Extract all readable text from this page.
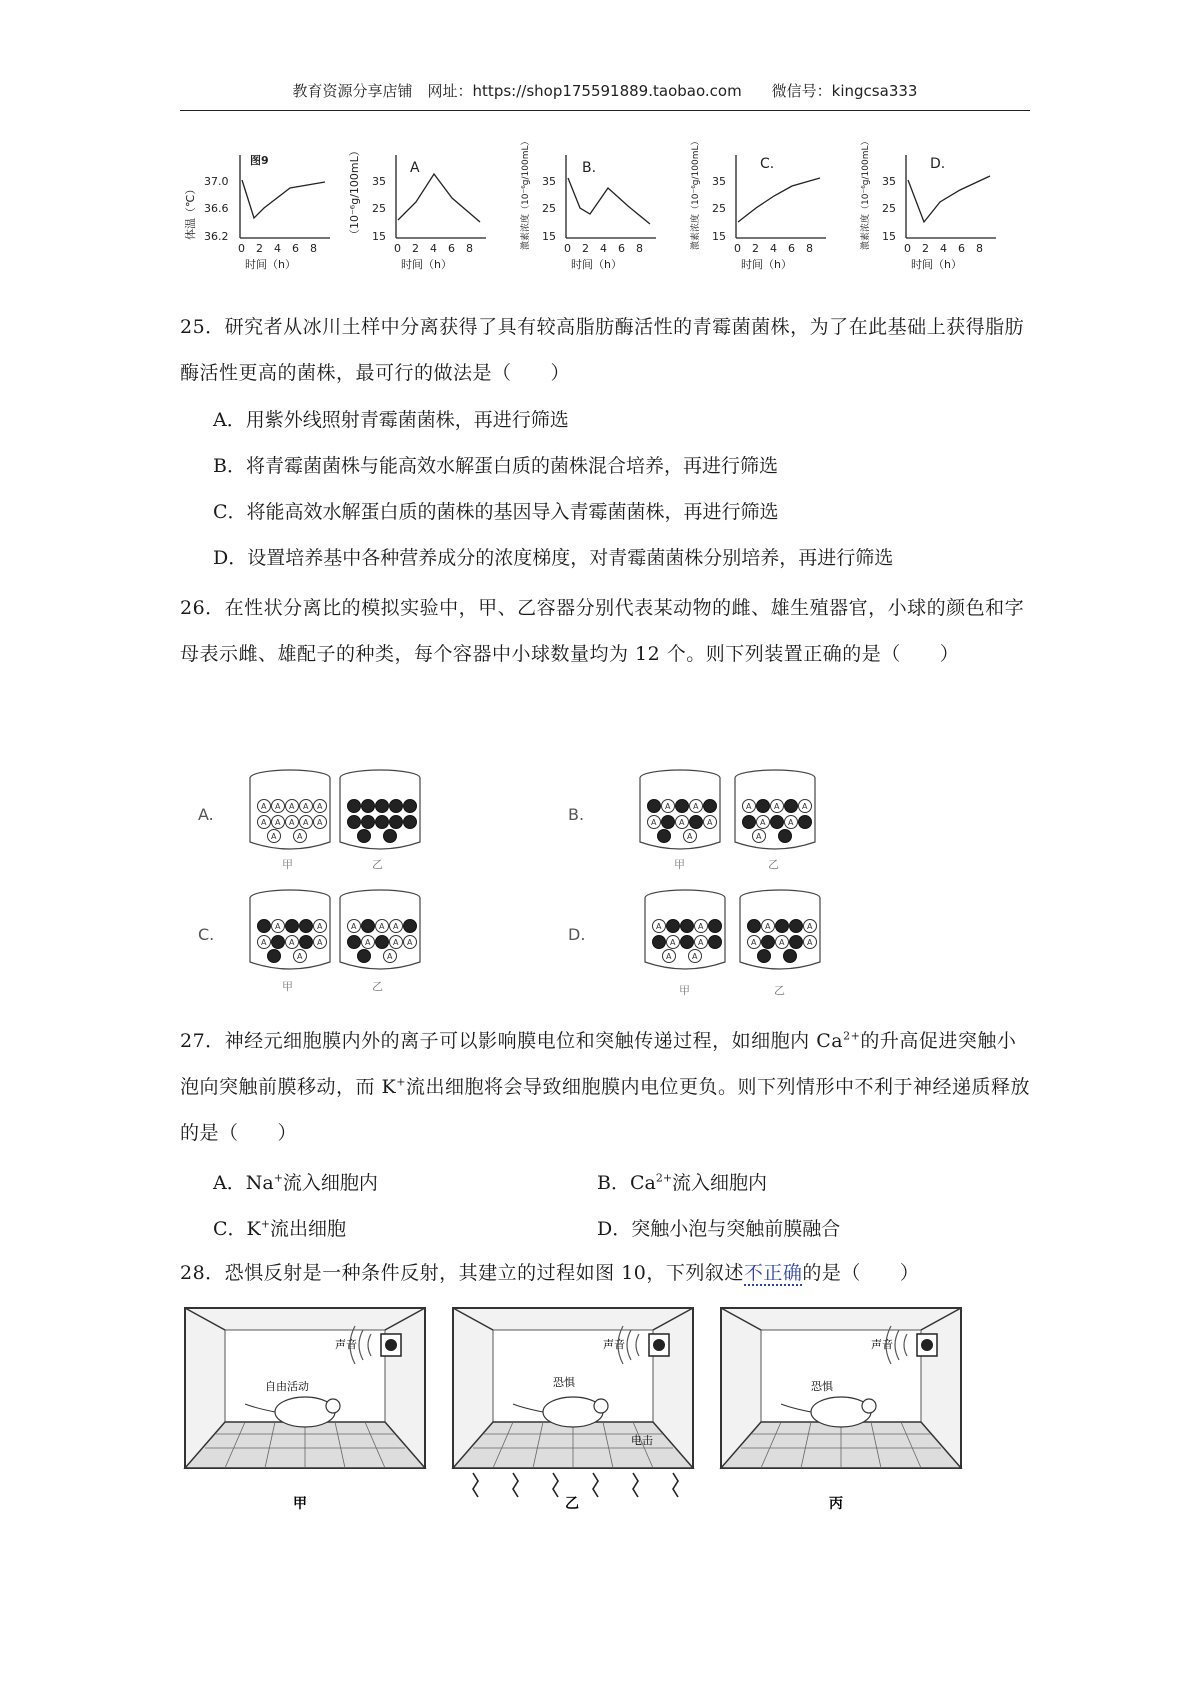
教育资源分享店铺　网址：https://shop175591889.taobao.com　　微信号：kingcsa333
体温（℃）
37.0
36.6
36.2
图9
0 2 4 6 8
时间（h）
（10⁻⁶g/100mL） 35
25
15
A
0 2 4 6 8
时间（h）
激素浓度（10⁻⁶g/100mL） 35
25
15
B.
0 2 4 6 8
时间（h）
激素浓度（10⁻⁶g/100mL） 35
25
15
C.
0 2 4 6 8
时间（h）
激素浓度（10⁻⁶g/100mL） 35
25
15
D.
0 2 4 6 8
时间（h）
25．研究者从冰川土样中分离获得了具有较高脂肪酶活性的青霉菌菌株，为了在此基础上获得脂肪酶活性更高的菌株，最可行的做法是（　　）
A．用紫外线照射青霉菌菌株，再进行筛选
B．将青霉菌菌株与能高效水解蛋白质的菌株混合培养，再进行筛选
C．将能高效水解蛋白质的菌株的基因导入青霉菌菌株，再进行筛选
D．设置培养基中各种营养成分的浓度梯度，对青霉菌菌株分别培养，再进行筛选
26．在性状分离比的模拟实验中，甲、乙容器分别代表某动物的雌、雄生殖器官，小球的颜色和字母表示雌、雄配子的种类，每个容器中小球数量均为 12 个。则下列装置正确的是（　　）
A
A.
甲	乙
B.
甲	乙
C.
甲	乙
D.
甲	乙
27．神经元细胞膜内外的离子可以影响膜电位和突触传递过程，如细胞内 $Ca^{2+}$的升高促进突触小泡向突触前膜移动，而 K+流出细胞将会导致细胞膜内电位更负。则下列情形中不利于神经递质释放的是（　　）
A．Na+流入细胞内	B．$Ca^{2+}$流入细胞内
C．K+流出细胞	D．突触小泡与突触前膜融合
28．恐惧反射是一种条件反射，其建立的过程如图 10，下列叙述不正确的是（　　）
声音
自由活动
甲
声音
恐惧
电击
乙
声音
恐惧
丙
